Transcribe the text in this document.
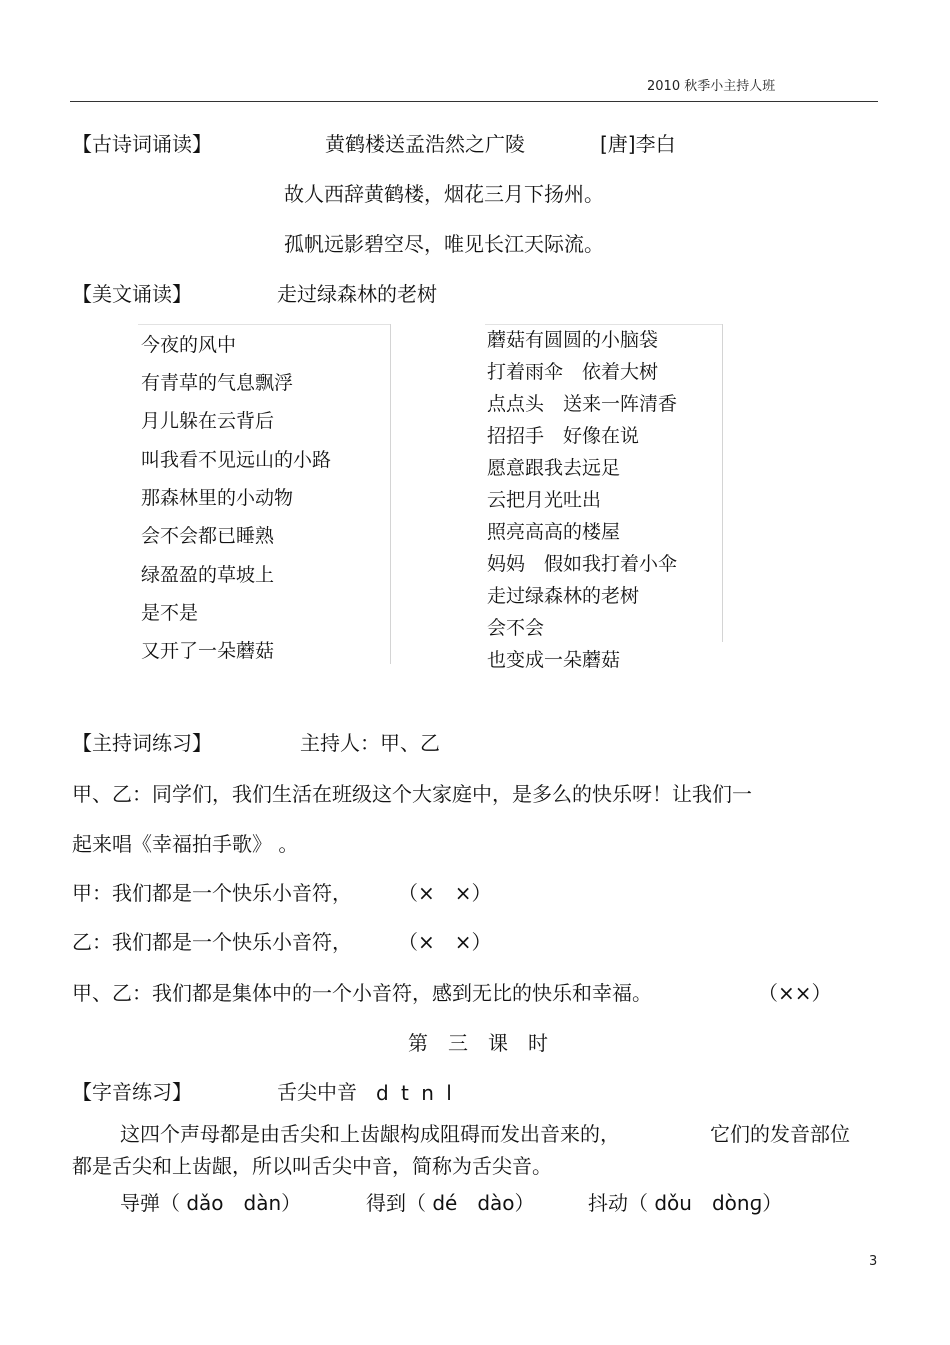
2010 秋季小主持人班
【古诗词诵读】	黄鹤楼送孟浩然之广陵	[唐]李白
故人西辞黄鹤楼，烟花三月下扬州。
孤帆远影碧空尽，唯见长江天际流。
【美文诵读】	走过绿森林的老树
今夜的风中
有青草的气息飘浮
月儿躲在云背后
叫我看不见远山的小路
那森林里的小动物
会不会都已睡熟
绿盈盈的草坡上
是不是
又开了一朵蘑菇
蘑菇有圆圆的小脑袋
打着雨伞　依着大树
点点头　送来一阵清香
招招手　好像在说
愿意跟我去远足
云把月光吐出
照亮高高的楼屋
妈妈　假如我打着小伞
走过绿森林的老树
会不会
也变成一朵蘑菇
【主持词练习】	主持人：甲、乙
甲、乙：同学们，我们生活在班级这个大家庭中，是多么的快乐呀！让我们一
起来唱《幸福拍手歌》 。
甲：我们都是一个快乐小音符， （×　×）
乙：我们都是一个快乐小音符， （×　×）
甲、乙：我们都是集体中的一个小音符，感到无比的快乐和幸福。	（××）
第　三　课　时
【字音练习】	舌尖中音 d t n l
这四个声母都是由舌尖和上齿龈构成阻碍而发出音来的，	它们的发音部位
都是舌尖和上齿龈，所以叫舌尖中音，简称为舌尖音。
导弹 （ dǎo　dàn）	得到 （ dé　dào）	抖动 （ dǒu　dònɡ）
3
